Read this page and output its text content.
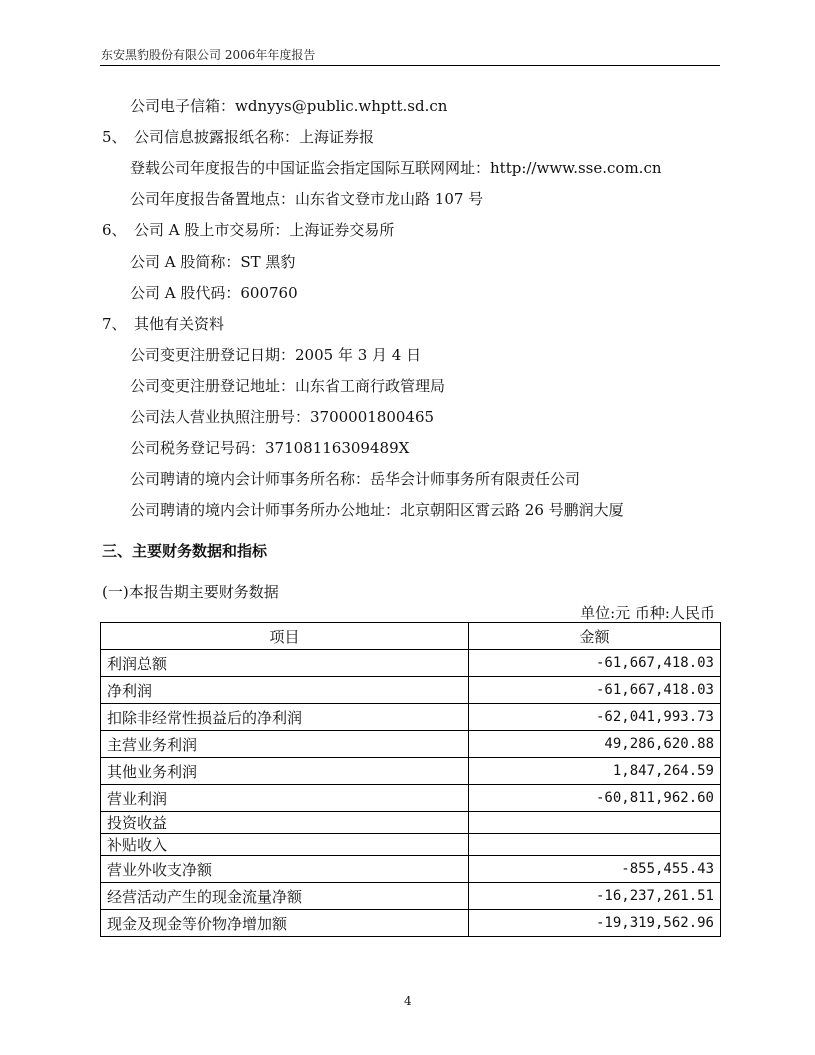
东安黑豹股份有限公司 2006年年度报告
公司电子信箱：wdnyys@public.whptt.sd.cn
5、　公司信息披露报纸名称：上海证券报
登载公司年度报告的中国证监会指定国际互联网网址：http://www.sse.com.cn
公司年度报告备置地点：山东省文登市龙山路 107 号
6、　公司 A 股上市交易所：上海证券交易所
公司 A 股简称：ST 黑豹
公司 A 股代码：600760
7、　其他有关资料
公司变更注册登记日期：2005 年 3 月 4 日
公司变更注册登记地址：山东省工商行政管理局
公司法人营业执照注册号：3700001800465
公司税务登记号码：37108116309489X
公司聘请的境内会计师事务所名称：岳华会计师事务所有限责任公司
公司聘请的境内会计师事务所办公地址：北京朝阳区霄云路 26 号鹏润大厦
三、主要财务数据和指标
(一)本报告期主要财务数据
单位:元 币种:人民币
项目	金额
利润总额	-61,667,418.03
净利润	-61,667,418.03
扣除非经常性损益后的净利润	-62,041,993.73
主营业务利润	49,286,620.88
其他业务利润	1,847,264.59
营业利润	-60,811,962.60
投资收益	
补贴收入	
营业外收支净额	-855,455.43
经营活动产生的现金流量净额	-16,237,261.51
现金及现金等价物净增加额	-19,319,562.96
4
